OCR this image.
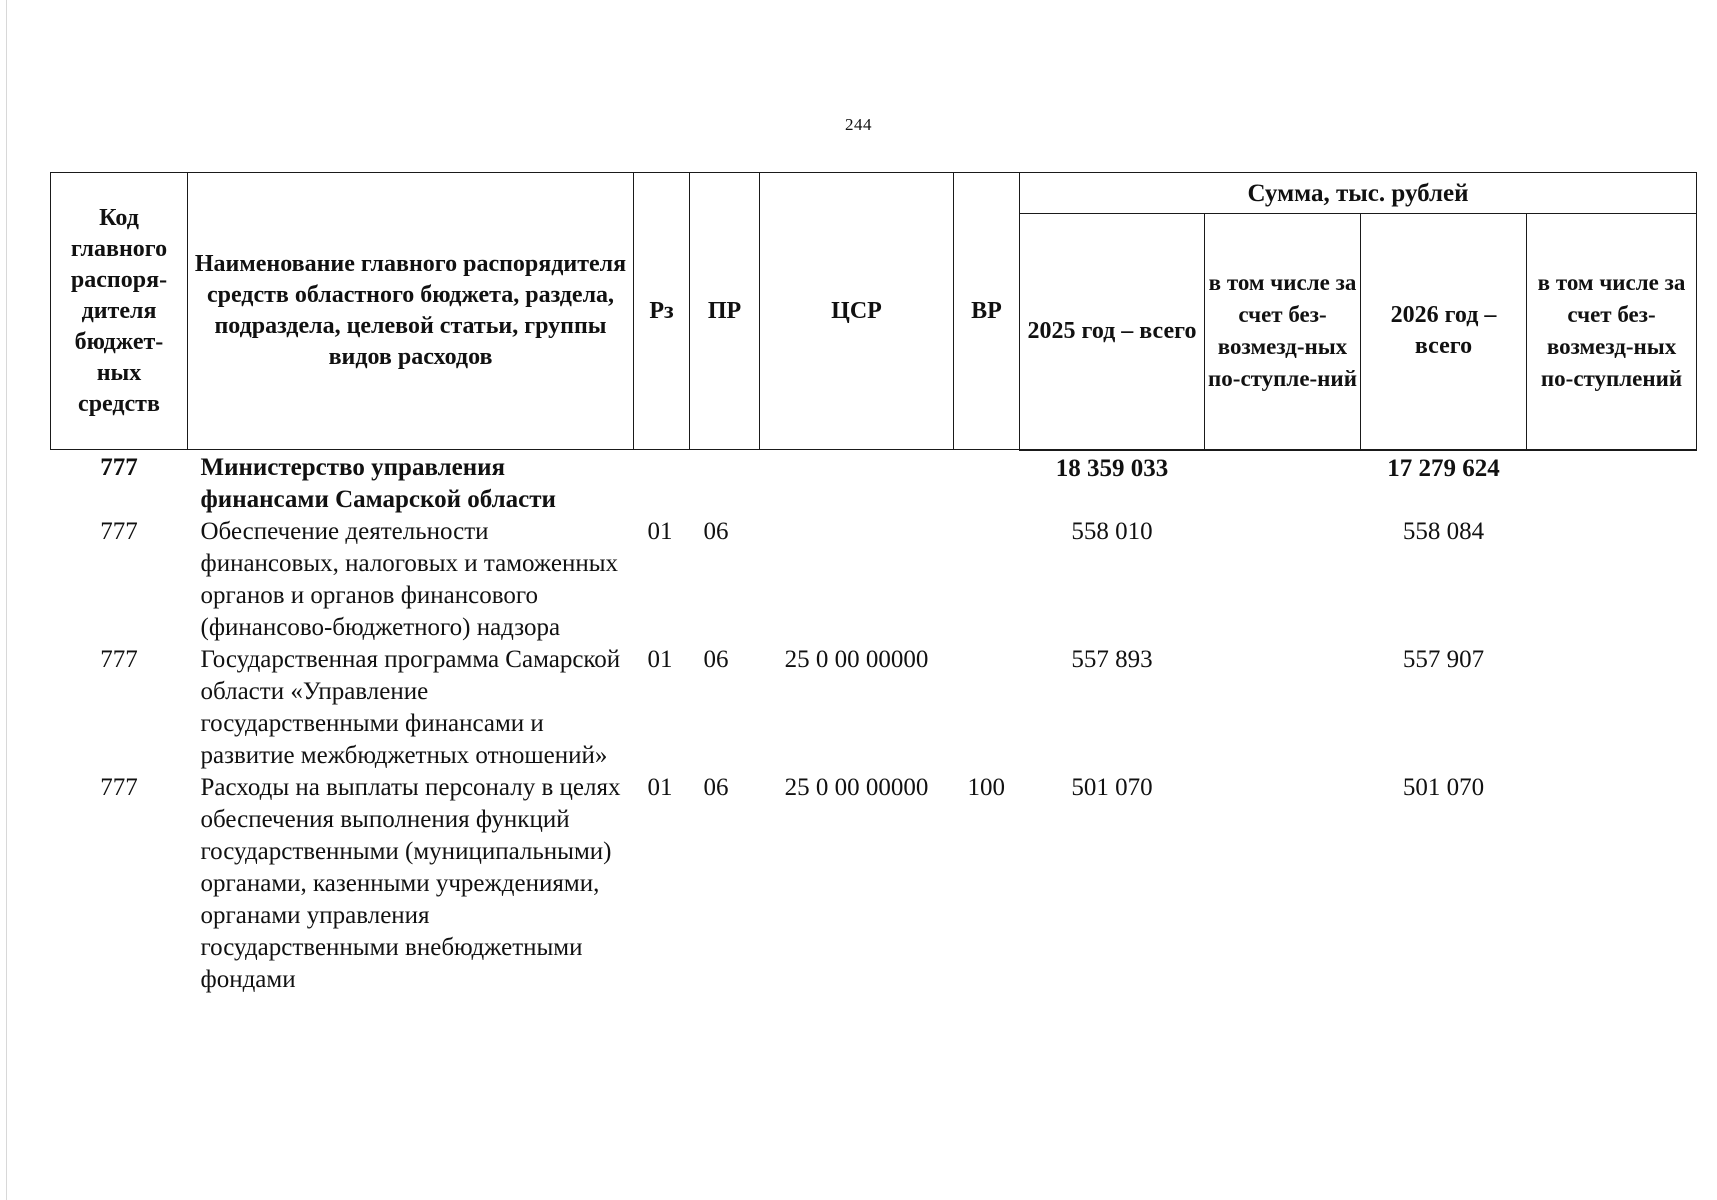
244
Код главного распоря-дителя бюджет-ных средств	Наименование главного распорядителя средств областного бюджета, раздела, подраздела, целевой статьи, группы видов расходов	Рз	ПР	ЦСР	ВР	Сумма, тыс. рублей			
						2025 год – всего	в том числе за счет без-возмезд-ных по-ступле-ний	2026 год – всего	в том числе за счет без-возмезд-ных по-ступлений
777	Министерство управления финансами Самарской области					18 359 033		17 279 624	
777	Обеспечение деятельности финансовых, налоговых и таможенных органов и органов финансового (финансово-бюджетного) надзора	01	06			558 010		558 084	
777	Государственная программа Самарской области «Управление государственными финансами и развитие межбюджетных отношений»	01	06	25 0 00 00000		557 893		557 907	
777	Расходы на выплаты персоналу в целях обеспечения выполнения функций государственными (муниципальными) органами, казенными учреждениями, органами управления государственными внебюджетными фондами	01	06	25 0 00 00000	100	501 070		501 070	
